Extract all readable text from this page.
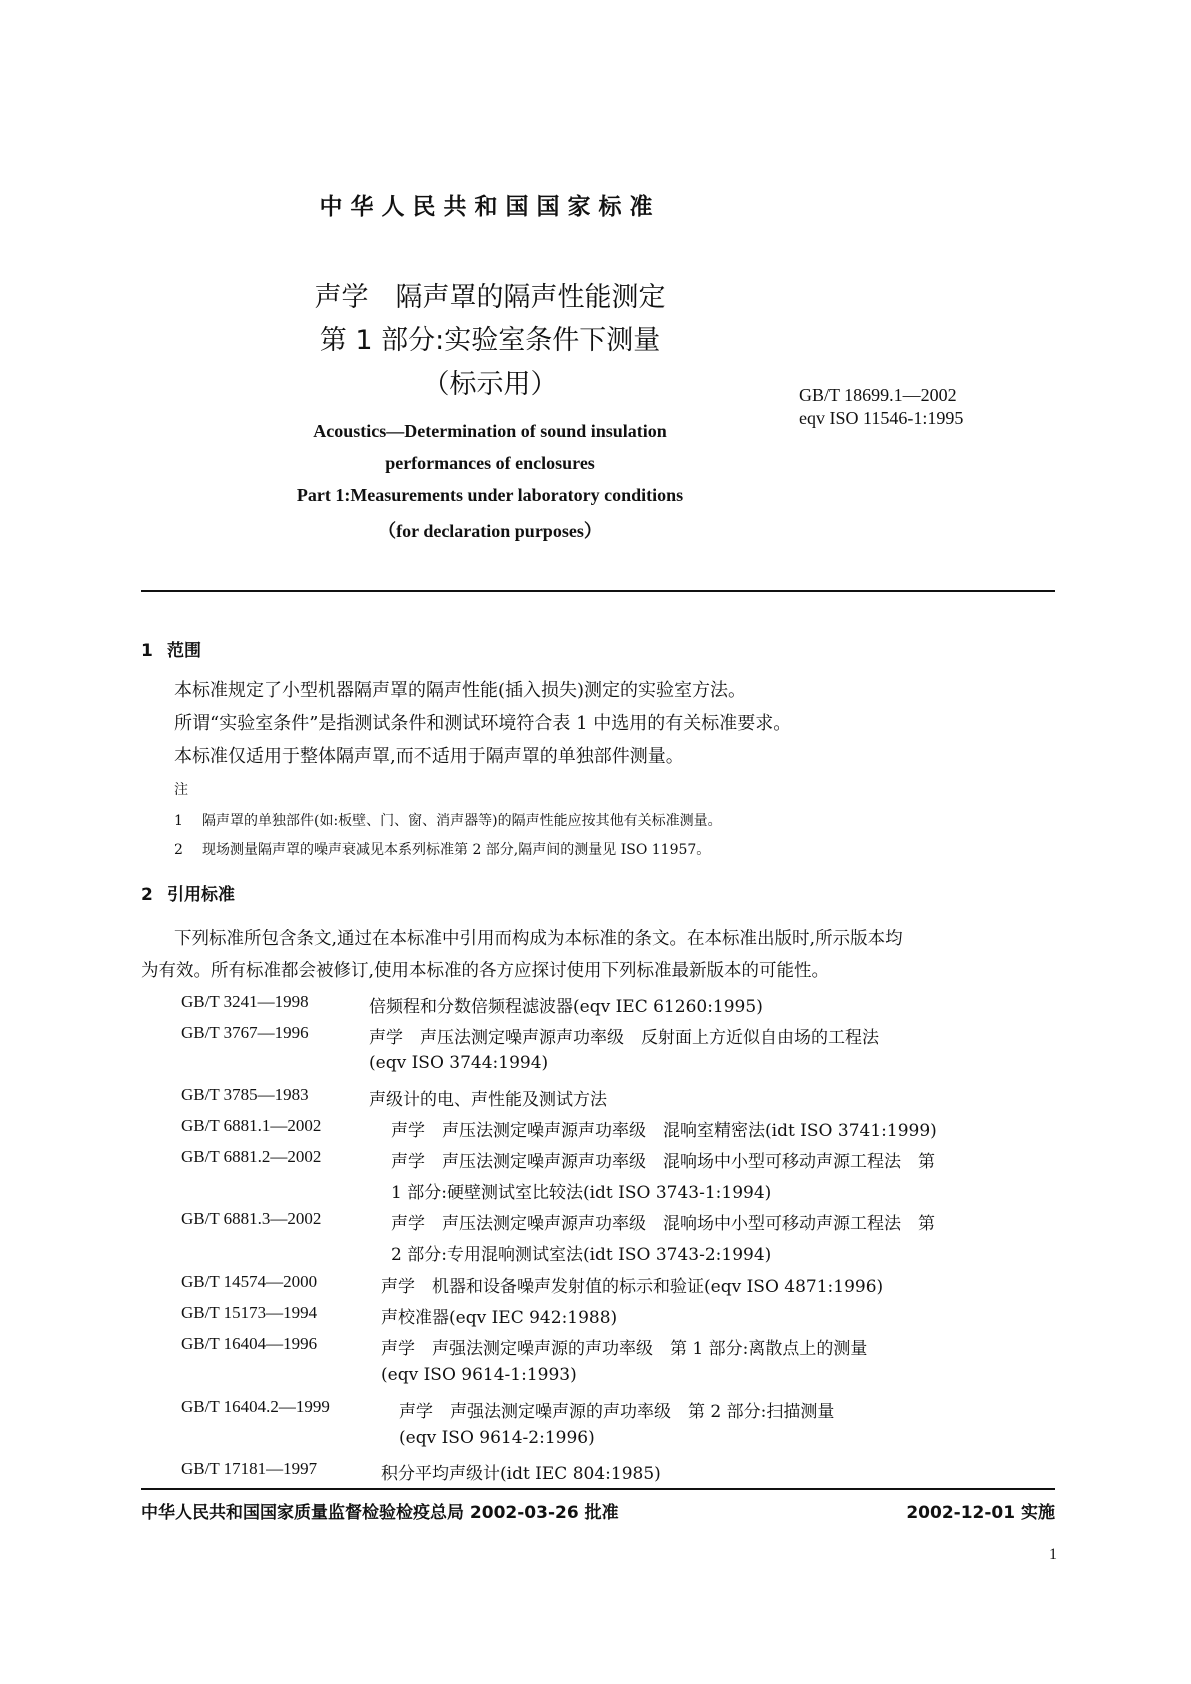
中华人民共和国国家标准
声学　隔声罩的隔声性能测定
第 1 部分:实验室条件下测量
（标示用）	GB/T 18699.1—2002
eqv ISO 11546-1:1995
Acoustics—Determination of sound insulation
performances of enclosures
Part 1:Measurements under laboratory conditions
（for declaration purposes）
1 范围
本标准规定了小型机器隔声罩的隔声性能(插入损失)测定的实验室方法。
所谓“实验室条件”是指测试条件和测试环境符合表 1 中选用的有关标准要求。
本标准仅适用于整体隔声罩,而不适用于隔声罩的单独部件测量。
注
1 隔声罩的单独部件(如:板壁、门、窗、消声器等)的隔声性能应按其他有关标准测量。
2 现场测量隔声罩的噪声衰减见本系列标准第 2 部分,隔声间的测量见 ISO 11957。
2 引用标准
下列标准所包含条文,通过在本标准中引用而构成为本标准的条文。在本标准出版时,所示版本均
为有效。所有标准都会被修订,使用本标准的各方应探讨使用下列标准最新版本的可能性。
GB/T 3241—1998	倍频程和分数倍频程滤波器(eqv IEC 61260:1995)
GB/T 3767—1996	声学　声压法测定噪声源声功率级　反射面上方近似自由场的工程法
(eqv ISO 3744:1994)
GB/T 3785—1983	声级计的电、声性能及测试方法
GB/T 6881.1—2002	声学　声压法测定噪声源声功率级　混响室精密法(idt ISO 3741:1999)
GB/T 6881.2—2002	声学　声压法测定噪声源声功率级　混响场中小型可移动声源工程法　第
1 部分:硬壁测试室比较法(idt ISO 3743-1:1994)
GB/T 6881.3—2002	声学　声压法测定噪声源声功率级　混响场中小型可移动声源工程法　第
2 部分:专用混响测试室法(idt ISO 3743-2:1994)
GB/T 14574—2000	声学　机器和设备噪声发射值的标示和验证(eqv ISO 4871:1996)
GB/T 15173—1994	声校准器(eqv IEC 942:1988)
GB/T 16404—1996	声学　声强法测定噪声源的声功率级　第 1 部分:离散点上的测量
(eqv ISO 9614-1:1993)
GB/T 16404.2—1999	声学　声强法测定噪声源的声功率级　第 2 部分:扫描测量
(eqv ISO 9614-2:1996)
GB/T 17181—1997	积分平均声级计(idt IEC 804:1985)
中华人民共和国国家质量监督检验检疫总局 2002-03-26 批准	2002-12-01 实施
1
